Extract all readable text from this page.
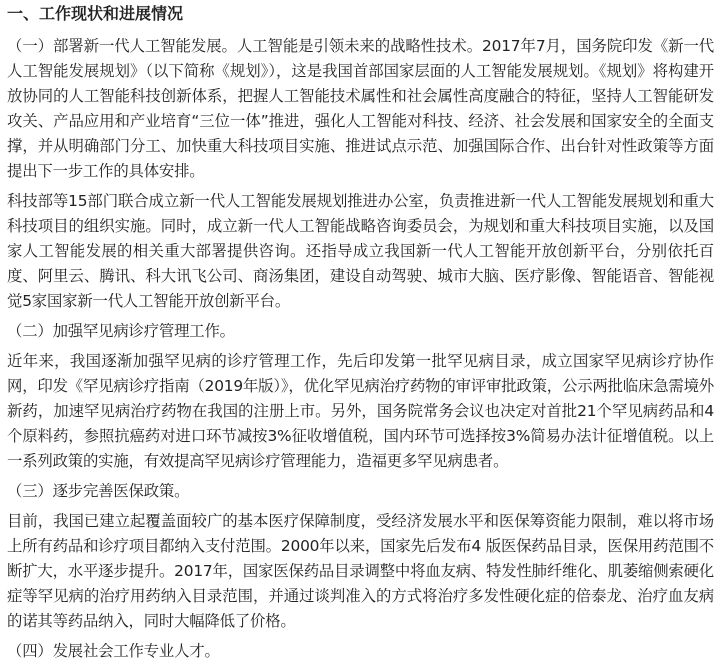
一、工作现状和进展情况

（一）部署新一代人工智能发展。人工智能是引领未来的战略性技术。2017年7月，国务院印发《新一代人工智能发展规划》（以下简称《规划》），这是我国首部国家层面的人工智能发展规划。《规划》将构建开放协同的人工智能科技创新体系，把握人工智能技术属性和社会属性高度融合的特征，坚持人工智能研发攻关、产品应用和产业培育“三位一体”推进，强化人工智能对科技、经济、社会发展和国家安全的全面支撑，并从明确部门分工、加快重大科技项目实施、推进试点示范、加强国际合作、出台针对性政策等方面提出下一步工作的具体安排。

科技部等15部门联合成立新一代人工智能发展规划推进办公室，负责推进新一代人工智能发展规划和重大科技项目的组织实施。同时，成立新一代人工智能战略咨询委员会，为规划和重大科技项目实施，以及国家人工智能发展的相关重大部署提供咨询。还指导成立我国新一代人工智能开放创新平台，分别依托百度、阿里云、腾讯、科大讯飞公司、商汤集团，建设自动驾驶、城市大脑、医疗影像、智能语音、智能视觉5家国家新一代人工智能开放创新平台。

（二）加强罕见病诊疗管理工作。

近年来，我国逐渐加强罕见病的诊疗管理工作，先后印发第一批罕见病目录，成立国家罕见病诊疗协作网，印发《罕见病诊疗指南（2019年版）》，优化罕见病治疗药物的审评审批政策，公示两批临床急需境外新药，加速罕见病治疗药物在我国的注册上市。另外，国务院常务会议也决定对首批21个罕见病药品和4个原料药，参照抗癌药对进口环节减按3%征收增值税，国内环节可选择按3%简易办法计征增值税。以上一系列政策的实施，有效提高罕见病诊疗管理能力，造福更多罕见病患者。

（三）逐步完善医保政策。

目前，我国已建立起覆盖面较广的基本医疗保障制度，受经济发展水平和医保筹资能力限制，难以将市场上所有药品和诊疗项目都纳入支付范围。2000年以来，国家先后发布4 版医保药品目录，医保用药范围不断扩大，水平逐步提升。2017年，国家医保药品目录调整中将血友病、特发性肺纤维化、肌萎缩侧索硬化症等罕见病的治疗用药纳入目录范围，并通过谈判准入的方式将治疗多发性硬化症的倍泰龙、治疗血友病的诺其等药品纳入，同时大幅降低了价格。

（四）发展社会工作专业人才。
